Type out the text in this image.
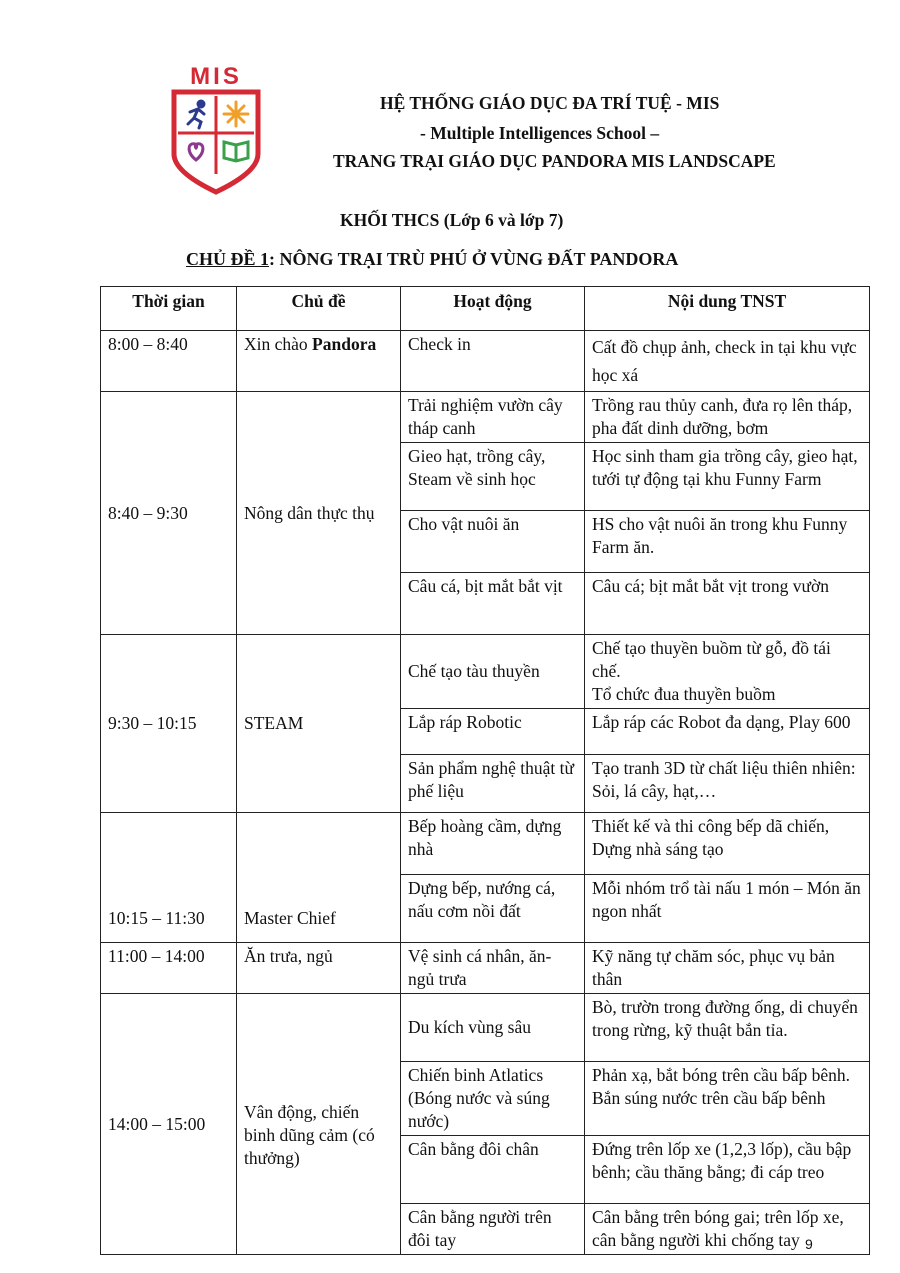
MIS
HỆ THỐNG GIÁO DỤC ĐA TRÍ TUỆ - MIS
- Multiple Intelligences School –
TRANG TRẠI GIÁO DỤC PANDORA MIS LANDSCAPE
KHỐI THCS (Lớp 6 và lớp 7)
CHỦ ĐỀ 1: NÔNG TRẠI TRÙ PHÚ Ở VÙNG ĐẤT PANDORA
Thời gian	Chủ đề	Hoạt động	Nội dung TNST
8:00 – 8:40	Xin chào Pandora	Check in	Cất đồ chụp ảnh, check in tại khu vực học xá
8:40 – 9:30	Nông dân thực thụ	Trải nghiệm vườn cây tháp canh	Trồng rau thủy canh, đưa rọ lên tháp, pha đất dinh dưỡng, bơm
		Gieo hạt, trồng cây, Steam về sinh học	Học sinh tham gia trồng cây, gieo hạt, tưới tự động tại khu Funny Farm
		Cho vật nuôi ăn	HS cho vật nuôi ăn trong khu Funny Farm ăn.
		Câu cá, bịt mắt bắt vịt	Câu cá; bịt mắt bắt vịt trong vườn
9:30 – 10:15	STEAM	Chế tạo tàu thuyền	Chế tạo thuyền buồm từ gỗ, đồ tái chế.
Tổ chức đua thuyền buồm

		Lắp ráp Robotic	Lắp ráp các Robot đa dạng, Play 600
		Sản phẩm nghệ thuật từ phế liệu	Tạo tranh 3D từ chất liệu thiên nhiên: Sỏi, lá cây, hạt,…
10:15 – 11:30	Master Chief	Bếp hoàng cầm, dựng nhà	Thiết kế và thi công bếp dã chiến, Dựng nhà sáng tạo
		Dựng bếp, nướng cá, nấu cơm nồi đất	Mỗi nhóm trổ tài nấu 1 món – Món ăn ngon nhất
11:00 – 14:00	Ăn trưa, ngủ	Vệ sinh cá nhân, ăn-ngủ trưa	Kỹ năng tự chăm sóc, phục vụ bản thân
14:00 – 15:00	Vân động, chiến binh dũng cảm (có thưởng)	Du kích vùng sâu	Bò, trườn trong đường ống, di chuyển trong rừng, kỹ thuật bắn tỉa.
		Chiến binh Atlatics (Bóng nước và súng nước)	Phản xạ, bắt bóng trên cầu bấp bênh. Bắn súng nước trên cầu bấp bênh
		Cân bằng đôi chân	Đứng trên lốp xe (1,2,3 lốp), cầu bập bênh; cầu thăng bằng; đi cáp treo
		Cân bằng người trên đôi tay	Cân bằng trên bóng gai; trên lốp xe, cân bằng người khi chống tay 9
